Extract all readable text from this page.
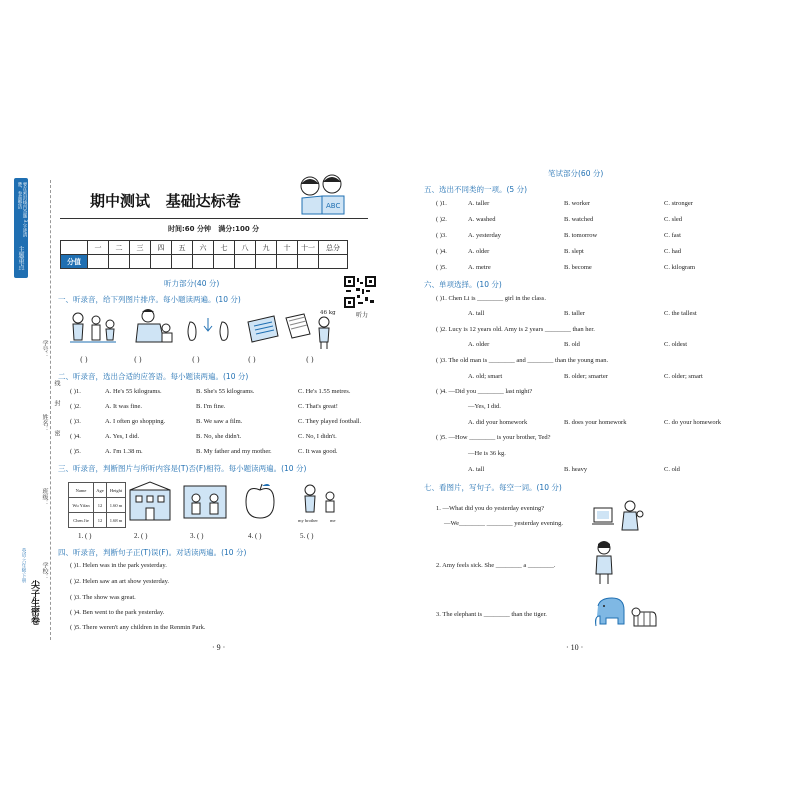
主题重点
1.写清学校、姓名、学号 2.不要在密封线内答题 3.字迹清楚，卷面整洁
尖子生密卷
英语·六年级·下册
学号：
姓名：
班级：
学校：
线
封
密
期中测试   基础达标卷	ABC
时间:60 分钟   满分:100 分
题号	一	二	三	四	五	六	七	八	九	十	十一	总分
分值												
听力部分(40 分)
听力
一、听录音，给下列图片排序。每小题读两遍。(10 分)
46 kg
( )	( )	( )	( )	( )
二、听录音，选出合适的应答语。每小题读两遍。(10 分)
( )1.	A. He's 55 kilograms.	B. She's 55 kilograms.	C. He's 1.55 metres.
( )2.	A. It was fine.	B. I'm fine.	C. That's great!
( )3.	A. I often go shopping.	B. We saw a film.	C. They played football.
( )4.	A. Yes, I did.	B. No, she didn't.	C. No, I didn't.
( )5.	A. I'm 1.38 m.	B. My father and my mother.	C. It was good.
三、听录音，判断图片与所听内容是(T)否(F)相符。每小题读两遍。(10 分)
Name	Age	Height
Wu Yifan	12	1.60 m
Chen Jie	12	1.68 m	my brother	me
1. ( )	2. ( )	3. ( )	4. ( )	5. ( )
四、听录音，判断句子正(T)误(F)。对话读两遍。(10 分)
( )1. Helen was in the park yesterday.
( )2. Helen saw an art show yesterday.
( )3. The show was great.
( )4. Ben went to the park yesterday.
( )5. There weren't any children in the Renmin Park.
· 9 ·
笔试部分(60 分)
五、选出不同类的一项。(5 分)
( )1.	A. taller	B. worker	C. stronger
( )2.	A. washed	B. watched	C. sled
( )3.	A. yesterday	B. tomorrow	C. fast
( )4.	A. older	B. slept	C. had
( )5.	A. metre	B. become	C. kilogram
六、单项选择。(10 分)
( )1. Chen Li is ________ girl in the class.
A. tall	B. taller	C. the tallest
( )2. Lucy is 12 years old. Amy is 2 years ________ than her.
A. older	B. old	C. oldest
( )3. The old man is ________ and ________ than the young man.
A. old; smart	B. older; smarter	C. older; smart
( )4. —Did you ________ last night?
—Yes, I did.
A. did your homework	B. does your homework	C. do your homework
( )5. —How ________ is your brother, Ted?
—He is 36 kg.
A. tall	B. heavy	C. old
七、看图片，写句子。每空一词。(10 分)
1. —What did you do yesterday evening?
—We________ ________ yesterday evening.
2. Amy feels sick. She ________ a ________.
3. The elephant is ________ than the tiger.
· 10 ·
